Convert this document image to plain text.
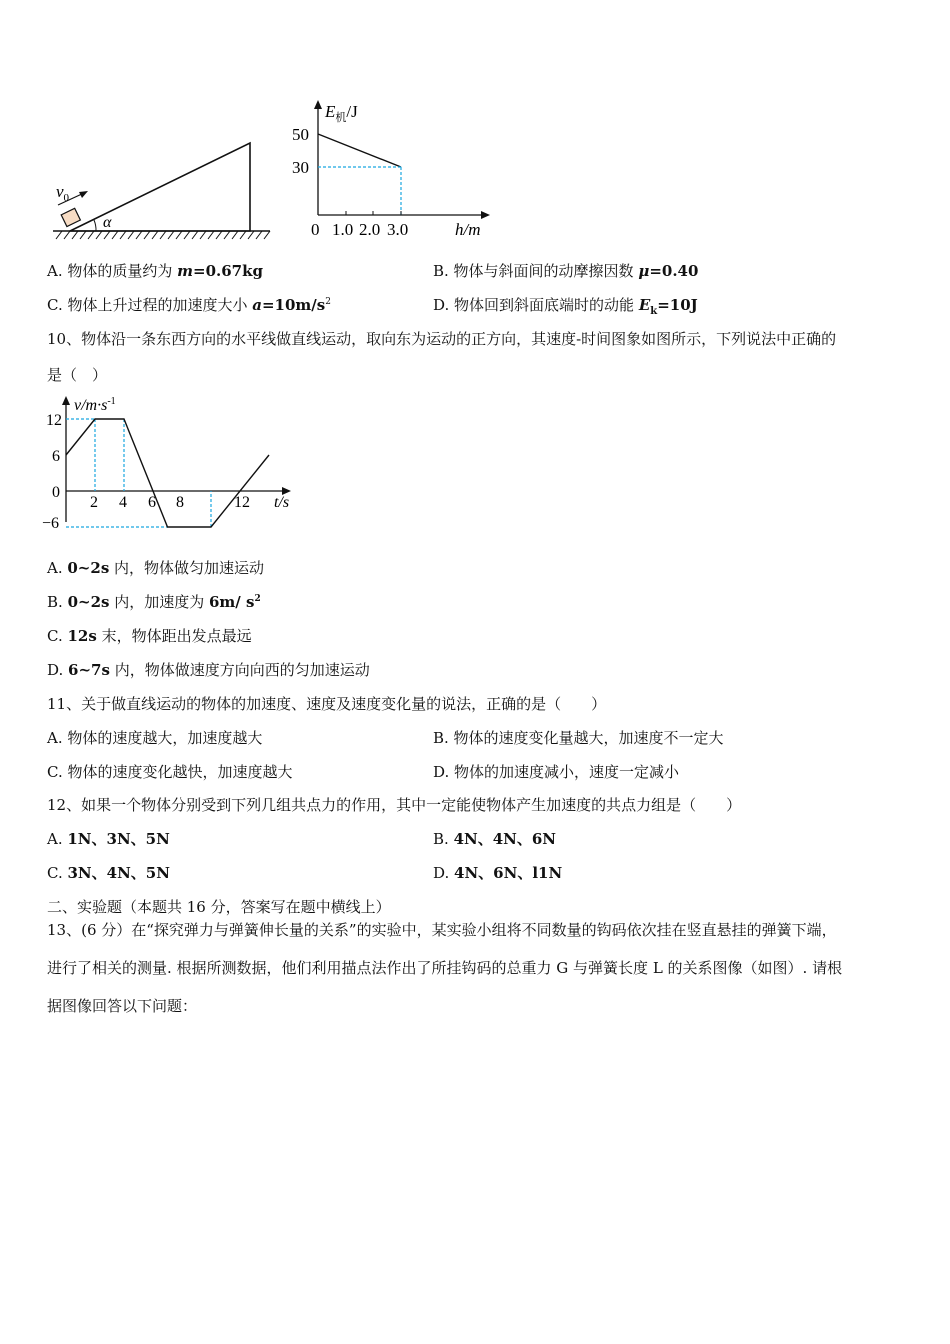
$v_0$
α
$E_机/J$
50
30
0 1.0 2.0 3.0	h/m
A. 物体的质量约为 m=0.67kg	B. 物体与斜面间的动摩擦因数 μ=0.40
C. 物体上升过程的加速度大小 $a=10m/s^2$	D. 物体回到斜面底端时的动能 $E_k=10J$
10、物体沿一条东西方向的水平线做直线运动，取向东为运动的正方向，其速度-时间图象如图所示，下列说法中正确的
是（　）
$v/m\cdot s^{-1}$
12
6
0
−6
2 4 6 8	12 t/s
A. 0~2s 内，物体做匀加速运动
B. 0~2s 内，加速度为 6m/ $s^2$
C. 12s 末，物体距出发点最远
D. 6~7s 内，物体做速度方向向西的匀加速运动
11、关于做直线运动的物体的加速度、速度及速度变化量的说法，正确的是（　　）
A. 物体的速度越大，加速度越大	B. 物体的速度变化量越大，加速度不一定大
C. 物体的速度变化越快，加速度越大	D. 物体的加速度减小，速度一定减小
12、如果一个物体分别受到下列几组共点力的作用，其中一定能使物体产生加速度的共点力组是（　　）
A. 1N、3N、5N	B. 4N、4N、6N
C. 3N、4N、5N	D. 4N、6N、l1N
二、实验题（本题共 16 分，答案写在题中横线上）
13、(6 分）在“探究弹力与弹簧伸长量的关系”的实验中，某实验小组将不同数量的钩码依次挂在竖直悬挂的弹簧下端，
进行了相关的测量. 根据所测数据，他们利用描点法作出了所挂钩码的总重力 G 与弹簧长度 L 的关系图像（如图）. 请根
据图像回答以下问题：
